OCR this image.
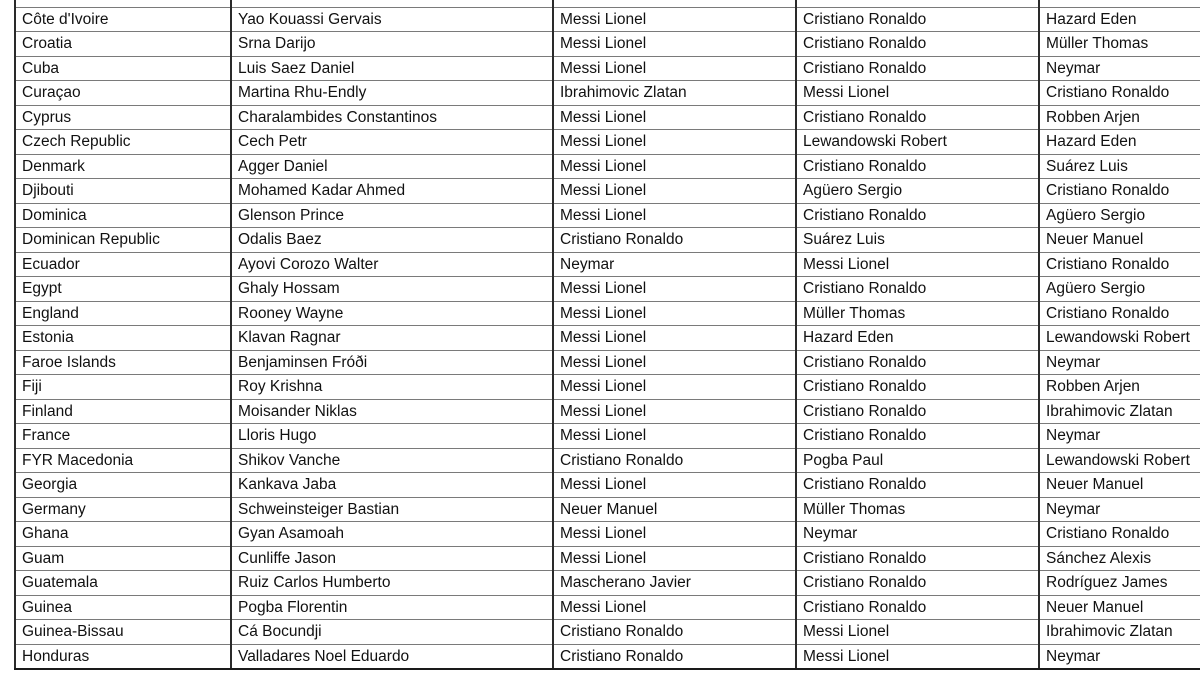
Côte d'Ivoire	Yao Kouassi Gervais	Messi Lionel	Cristiano Ronaldo	Hazard Eden
Croatia	Srna Darijo	Messi Lionel	Cristiano Ronaldo	Müller Thomas
Cuba	Luis Saez Daniel	Messi Lionel	Cristiano Ronaldo	Neymar
Curaçao	Martina Rhu-Endly	Ibrahimovic Zlatan	Messi Lionel	Cristiano Ronaldo
Cyprus	Charalambides Constantinos	Messi Lionel	Cristiano Ronaldo	Robben Arjen
Czech Republic	Cech Petr	Messi Lionel	Lewandowski Robert	Hazard Eden
Denmark	Agger Daniel	Messi Lionel	Cristiano Ronaldo	Suárez Luis
Djibouti	Mohamed Kadar Ahmed	Messi Lionel	Agüero Sergio	Cristiano Ronaldo
Dominica	Glenson Prince	Messi Lionel	Cristiano Ronaldo	Agüero Sergio
Dominican Republic	Odalis Baez	Cristiano Ronaldo	Suárez Luis	Neuer Manuel
Ecuador	Ayovi Corozo Walter	Neymar	Messi Lionel	Cristiano Ronaldo
Egypt	Ghaly Hossam	Messi Lionel	Cristiano Ronaldo	Agüero Sergio
England	Rooney Wayne	Messi Lionel	Müller Thomas	Cristiano Ronaldo
Estonia	Klavan Ragnar	Messi Lionel	Hazard Eden	Lewandowski Robert
Faroe Islands	Benjaminsen Fróði	Messi Lionel	Cristiano Ronaldo	Neymar
Fiji	Roy Krishna	Messi Lionel	Cristiano Ronaldo	Robben Arjen
Finland	Moisander Niklas	Messi Lionel	Cristiano Ronaldo	Ibrahimovic Zlatan
France	Lloris Hugo	Messi Lionel	Cristiano Ronaldo	Neymar
FYR Macedonia	Shikov Vanche	Cristiano Ronaldo	Pogba Paul	Lewandowski Robert
Georgia	Kankava Jaba	Messi Lionel	Cristiano Ronaldo	Neuer Manuel
Germany	Schweinsteiger Bastian	Neuer Manuel	Müller Thomas	Neymar
Ghana	Gyan Asamoah	Messi Lionel	Neymar	Cristiano Ronaldo
Guam	Cunliffe Jason	Messi Lionel	Cristiano Ronaldo	Sánchez Alexis
Guatemala	Ruiz Carlos Humberto	Mascherano Javier	Cristiano Ronaldo	Rodríguez James
Guinea	Pogba Florentin	Messi Lionel	Cristiano Ronaldo	Neuer Manuel
Guinea-Bissau	Cá Bocundji	Cristiano Ronaldo	Messi Lionel	Ibrahimovic Zlatan
Honduras	Valladares Noel Eduardo	Cristiano Ronaldo	Messi Lionel	Neymar
